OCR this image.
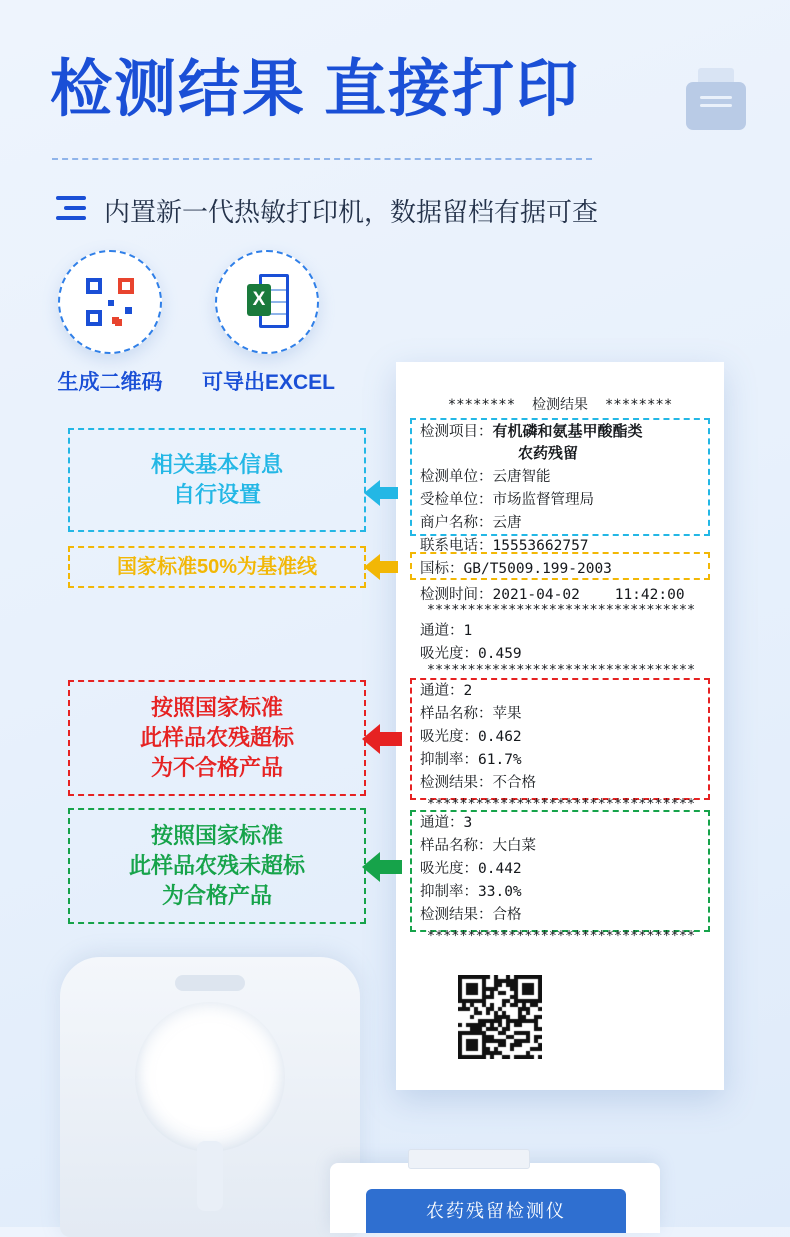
检测结果 直接打印
内置新一代热敏打印机，数据留档有据可查
生成二维码
X
可导出EXCEL
********  检测结果  ********
检测项目：有机磷和氨基甲酸酯类
农药残留
检测单位：云唐智能
受检单位：市场监督管理局
商户名称：云唐
联系电话：15553662757
国标：GB/T5009.199-2003
检测时间：2021-04-02    11:42:00
*********************************
通道：1
吸光度：0.459
*********************************
通道：2
样品名称：苹果
吸光度：0.462
抑制率：61.7%
检测结果：不合格
*********************************
通道：3
样品名称：大白菜
吸光度：0.442
抑制率：33.0%
检测结果：合格
*********************************
相关基本信息
自行设置
国家标准50%为基准线
按照国家标准
此样品农残超标
为不合格产品
按照国家标准
此样品农残未超标
为合格产品
农药残留检测仪
